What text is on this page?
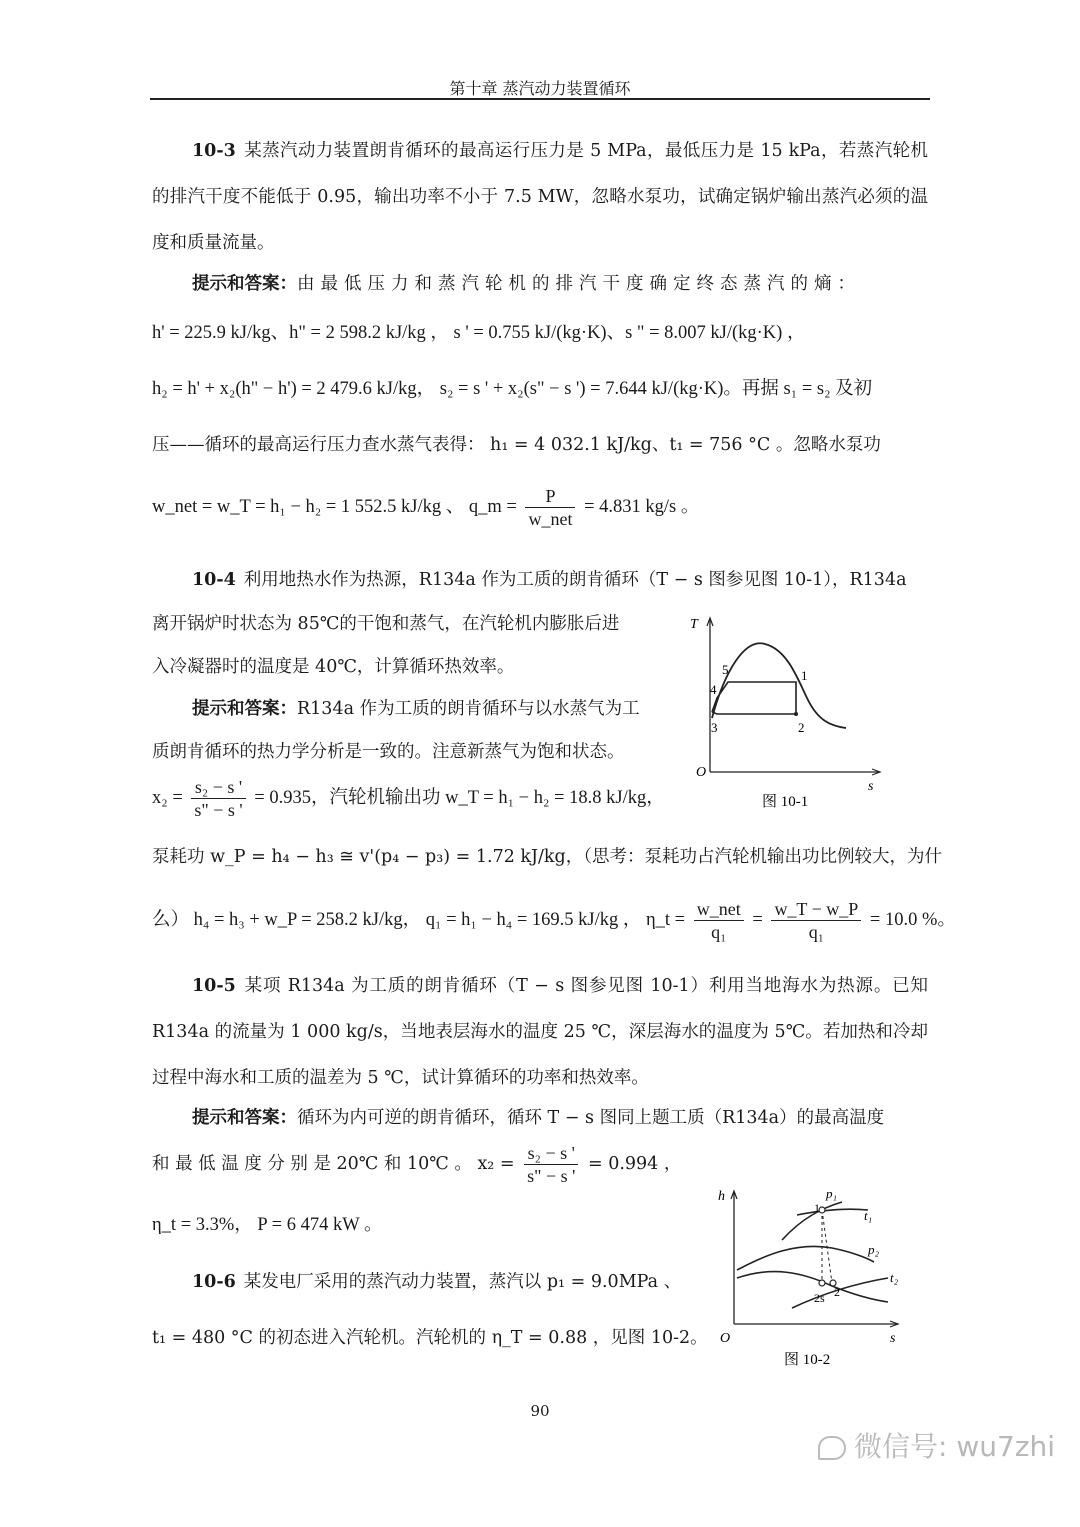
第十章 蒸汽动力装置循环
10-3 某蒸汽动力装置朗肯循环的最高运行压力是 5 MPa，最低压力是 15 kPa，若蒸汽轮机的排汽干度不能低于 0.95，输出功率不小于 7.5 MW，忽略水泵功，试确定锅炉输出蒸汽必须的温度和质量流量。
提示和答案：由最低压力和蒸汽轮机的排汽干度确定终态蒸汽的熵：
h' = 225.9 kJ/kg、h" = 2 598.2 kJ/kg ， s ' = 0.755 kJ/(kg·K)、s " = 8.007 kJ/(kg·K) ，
h₂ = h' + x₂(h" − h') = 2 479.6 kJ/kg， s₂ = s ' + x₂(s" − s ') = 7.644 kJ/(kg·K)。再据 s₁ = s₂ 及初
压——循环的最高运行压力查水蒸气表得： h₁ = 4 032.1 kJ/kg、t₁ = 756 °C 。忽略水泵功
w_net = w_T = h₁ − h₂ = 1 552.5 kJ/kg 、 q_m = $\frac{P}{\text{w\_net}} = 4.831$ kg/s 。
10-4 利用地热水作为热源，R134a 作为工质的朗肯循环（T − s 图参见图 10-1），R134a
离开锅炉时状态为 85℃的干饱和蒸气，在汽轮机内膨胀后进
入冷凝器时的温度是 40℃，计算循环热效率。
提示和答案：R134a 作为工质的朗肯循环与以水蒸气为工
质朗肯循环的热力学分析是一致的。注意新蒸气为饱和状态。
$x_2 = \frac{\text{s₂ − s '}}{s" - s '} = 0.935$，汽轮机输出功 w_T = h₁ − h₂ = 18.8 kJ/kg，
泵耗功 w_P = h₄ − h₃ ≅ v'(p₄ − p₃) = 1.72 kJ/kg，（思考：泵耗功占汽轮机输出功比例较大，为什
么） h₄ = h₃ + w_P = 258.2 kJ/kg， q₁ = h₁ − h₄ = 169.5 kJ/kg ， η_t = $\frac{\text{w\_net}}{\text{q₁}} = \frac{w\_T - w\_P}{\text{q₁}} = 10.0$ %。
T
s
O
1
2
3
4
5
图 10-1
10-5 某项 R134a 为工质的朗肯循环（T − s 图参见图 10-1）利用当地海水为热源。已知 R134a 的流量为 1 000 kg/s，当地表层海水的温度 25 ℃，深层海水的温度为 5℃。若加热和冷却过程中海水和工质的温差为 5 ℃，试计算循环的功率和热效率。
提示和答案：循环为内可逆的朗肯循环，循环 T − s 图同上题工质（R134a）的最高温度
和 最 低 温 度 分 别 是 20℃ 和 10℃ 。 $x_2 = \frac{\text{s₂ − s '}}{s" - s '} = 0.994$ ，
η_t = 3.3%， P = 6 474 kW 。
10-6 某发电厂采用的蒸汽动力装置，蒸汽以 p₁ = 9.0MPa 、
t₁ = 480 °C 的初态进入汽轮机。汽轮机的 η_T = 0.88 ，见图 10-2。
h
s
O
p₁
1	t₁
p₂
t₂
2s 2
图 10-2
90
微信号: wu7zhi
